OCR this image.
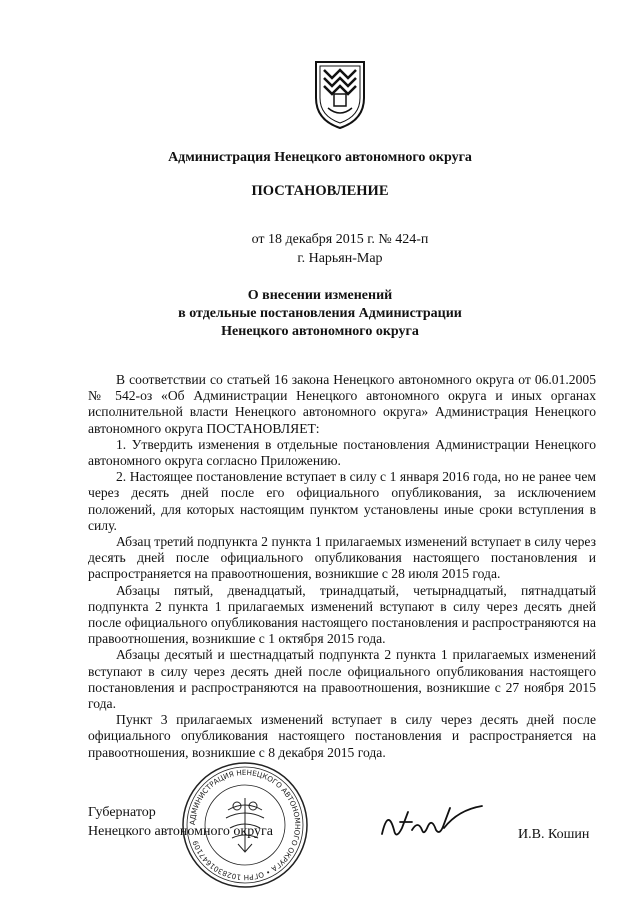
Администрация Ненецкого автономного округа
ПОСТАНОВЛЕНИЕ
от 18 декабря 2015 г. № 424-п
г. Нарьян-Мар
О внесении изменений
в отдельные постановления Администрации
Ненецкого автономного округа

В соответствии со статьей 16 закона Ненецкого автономного округа от 06.01.2005 № 542-оз «Об Администрации Ненецкого автономного округа и иных органах исполнительной власти Ненецкого автономного округа» Администрация Ненецкого автономного округа ПОСТАНОВЛЯЕТ:

1. Утвердить изменения в отдельные постановления Администрации Ненецкого автономного округа согласно Приложению.

2. Настоящее постановление вступает в силу с 1 января 2016 года, но не ранее чем через десять дней после его официального опубликования, за исключением положений, для которых настоящим пунктом установлены иные сроки вступления в силу.

Абзац третий подпункта 2 пункта 1 прилагаемых изменений вступает в силу через десять дней после официального опубликования настоящего постановления и распространяется на правоотношения, возникшие с 28 июля 2015 года.

Абзацы пятый, двенадцатый, тринадцатый, четырнадцатый, пятнадцатый подпункта 2 пункта 1 прилагаемых изменений вступают в силу через десять дней после официального опубликования настоящего постановления и распространяются на правоотношения, возникшие с 1 октября 2015 года.

Абзацы десятый и шестнадцатый подпункта 2 пункта 1 прилагаемых изменений вступают в силу через десять дней после официального опубликования настоящего постановления и распространяются на правоотношения, возникшие с 27 ноября 2015 года.

Пункт 3 прилагаемых изменений вступает в силу через десять дней после официального опубликования настоящего постановления и распространяется на правоотношения, возникшие с 8 декабря 2015 года.

АДМИНИСТРАЦИЯ НЕНЕЦКОГО АВТОНОМНОГО ОКРУГА • ОГРН 1028301647109
Губернатор
Ненецкого автономного округа	И.В. Кошин
